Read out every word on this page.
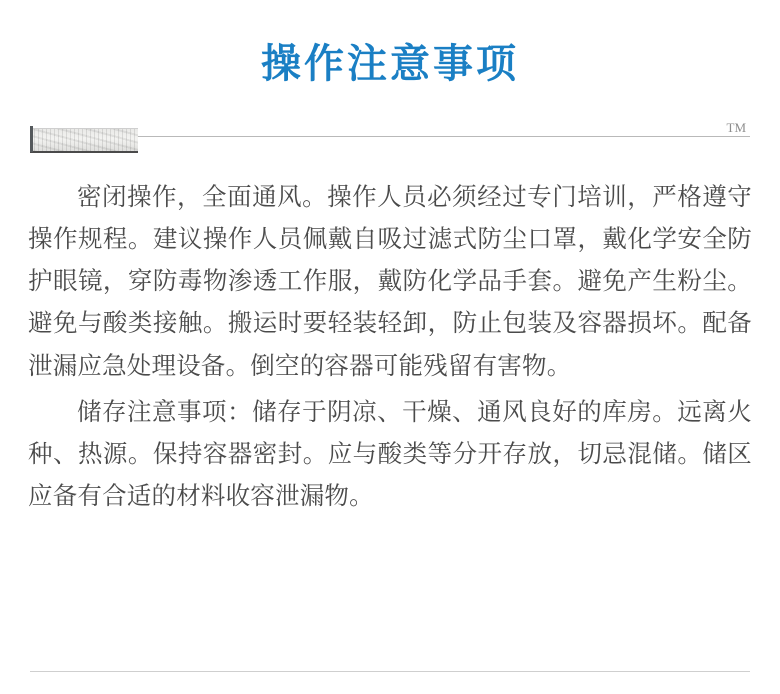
操作注意事项
TM

密闭操作，全面通风。操作人员必须经过专门培训，严格遵守操作规程。建议操作人员佩戴自吸过滤式防尘口罩，戴化学安全防护眼镜，穿防毒物渗透工作服，戴防化学品手套。避免产生粉尘。避免与酸类接触。搬运时要轻装轻卸，防止包装及容器损坏。配备泄漏应急处理设备。倒空的容器可能残留有害物。

储存注意事项：储存于阴凉、干燥、通风良好的库房。远离火种、热源。保持容器密封。应与酸类等分开存放，切忌混储。储区应备有合适的材料收容泄漏物。
